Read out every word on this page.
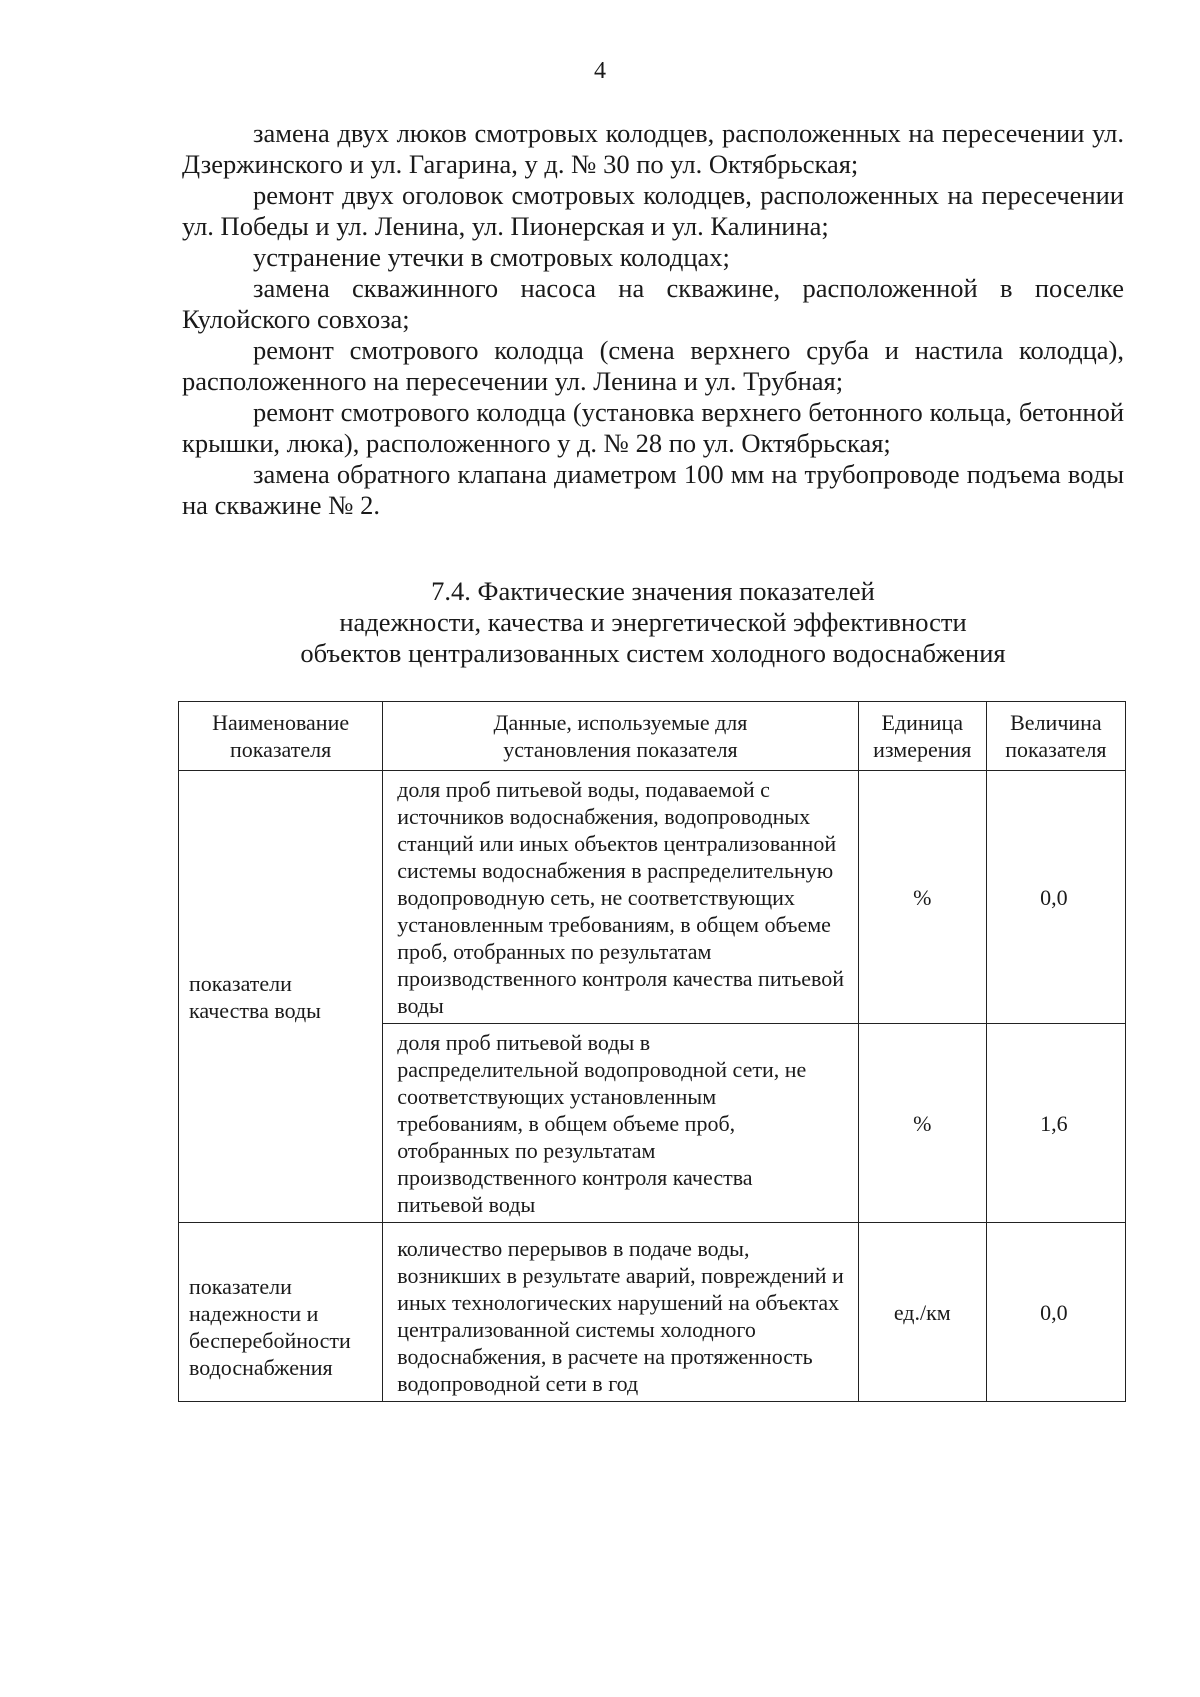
4

замена двух люков смотровых колодцев, расположенных на пересечении ул. Дзержинского и ул. Гагарина, у д. № 30 по ул. Октябрьская;

ремонт двух оголовок смотровых колодцев, расположенных на пересечении ул. Победы и ул. Ленина, ул. Пионерская и ул. Калинина;

устранение утечки в смотровых колодцах;

замена скважинного насоса на скважине, расположенной в поселке Кулойского совхоза;

ремонт смотрового колодца (смена верхнего сруба и настила колодца), расположенного на пересечении ул. Ленина и ул. Трубная;

ремонт смотрового колодца (установка верхнего бетонного кольца, бетонной крышки, люка), расположенного у д. № 28 по ул. Октябрьская;

замена обратного клапана диаметром 100 мм на трубопроводе подъема воды на скважине № 2.

7.4. Фактические значения показателей
надежности, качества и энергетической эффективности
объектов централизованных систем холодного водоснабжения
Наименование показателя	Данные, используемые для установления показателя	Единица измерения	Величина показателя
показатели качества воды	доля проб питьевой воды, подаваемой с источников водоснабжения, водопроводных станций или иных объектов централизованной системы водоснабжения в распределительную водопроводную сеть, не соответствующих установленным требованиям, в общем объеме проб, отобранных по результатам производственного контроля качества питьевой воды	%	0,0
	доля проб питьевой воды в распределительной водопроводной сети, не соответствующих установленным требованиям, в общем объеме проб, отобранных по результатам производственного контроля качества питьевой воды	%	1,6
показатели надежности и бесперебойности водоснабжения	количество перерывов в подаче воды, возникших в результате аварий, повреждений и иных технологических нарушений на объектах централизованной системы холодного водоснабжения, в расчете на протяженность водопроводной сети в год	ед./км	0,0
